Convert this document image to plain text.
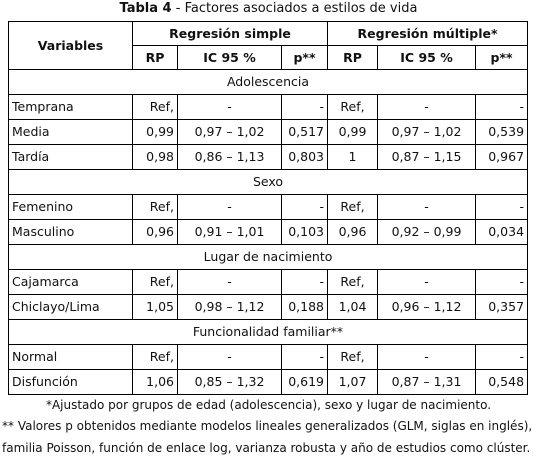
Tabla 4 - Factores asociados a estilos de vida
Variables	Regresión simple			Regresión múltiple*		
	RP	IC 95 %	p**	RP	IC 95 %	p**
Adolescencia						
Temprana	Ref,	-	-	Ref,	-	-
Media	0,99	0,97 – 1,02	0,517	0,99	0,97 – 1,02	0,539
Tardía	0,98	0,86 – 1,13	0,803	1	0,87 – 1,15	0,967
Sexo						
Femenino	Ref,	-	-	Ref,	-	-
Masculino	0,96	0,91 – 1,01	0,103	0,96	0,92 – 0,99	0,034
Lugar de nacimiento						
Cajamarca	Ref,	-	-	Ref,	-	-
Chiclayo/Lima	1,05	0,98 – 1,12	0,188	1,04	0,96 – 1,12	0,357
Funcionalidad familiar**						
Normal	Ref,	-	-	Ref,	-	-
Disfunción	1,06	0,85 – 1,32	0,619	1,07	0,87 – 1,31	0,548
*Ajustado por grupos de edad (adolescencia), sexo y lugar de nacimiento.
** Valores p obtenidos mediante modelos lineales generalizados (GLM, siglas en inglés),
familia Poisson, función de enlace log, varianza robusta y año de estudios como clúster.
